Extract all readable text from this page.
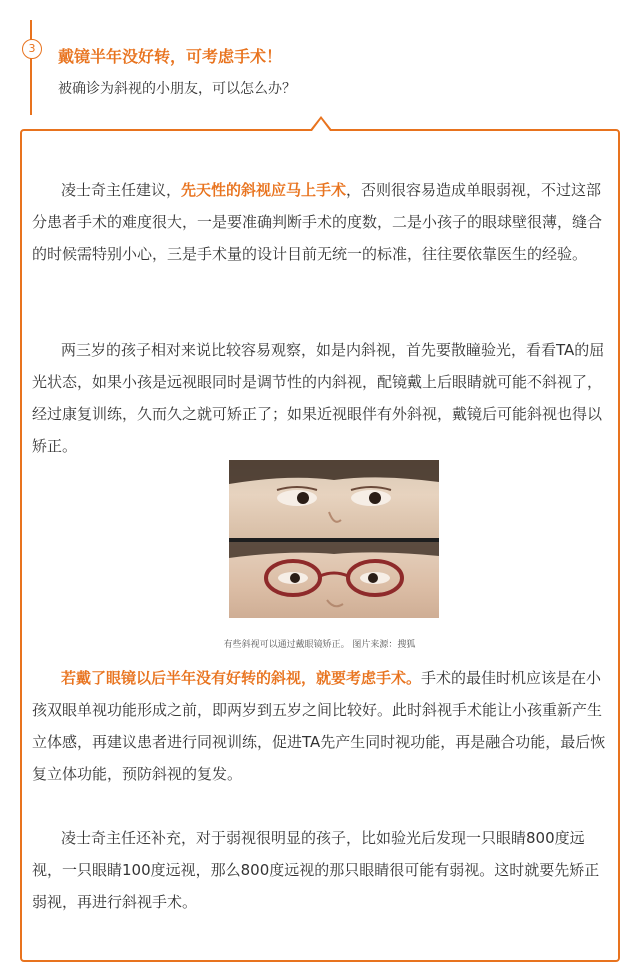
3	戴镜半年没好转，可考虑手术！
被确诊为斜视的小朋友，可以怎么办？

凌士奇主任建议，先天性的斜视应马上手术，否则很容易造成单眼弱视，不过这部分患者手术的难度很大，一是要准确判断手术的度数，二是小孩子的眼球壁很薄，缝合的时候需特别小心，三是手术量的设计目前无统一的标准，往往要依靠医生的经验。

两三岁的孩子相对来说比较容易观察，如是内斜视，首先要散瞳验光，看看TA的屈光状态，如果小孩是远视眼同时是调节性的内斜视，配镜戴上后眼睛就可能不斜视了，经过康复训练，久而久之就可矫正了；如果近视眼伴有外斜视，戴镜后可能斜视也得以矫正。

有些斜视可以通过戴眼镜矫正。 图片来源：搜狐

若戴了眼镜以后半年没有好转的斜视，就要考虑手术。手术的最佳时机应该是在小孩双眼单视功能形成之前，即两岁到五岁之间比较好。此时斜视手术能让小孩重新产生立体感，再建议患者进行同视训练，促进TA先产生同时视功能，再是融合功能，最后恢复立体功能，预防斜视的复发。

凌士奇主任还补充，对于弱视很明显的孩子，比如验光后发现一只眼睛800度远视，一只眼睛100度远视，那么800度远视的那只眼睛很可能有弱视。这时就要先矫正弱视，再进行斜视手术。
